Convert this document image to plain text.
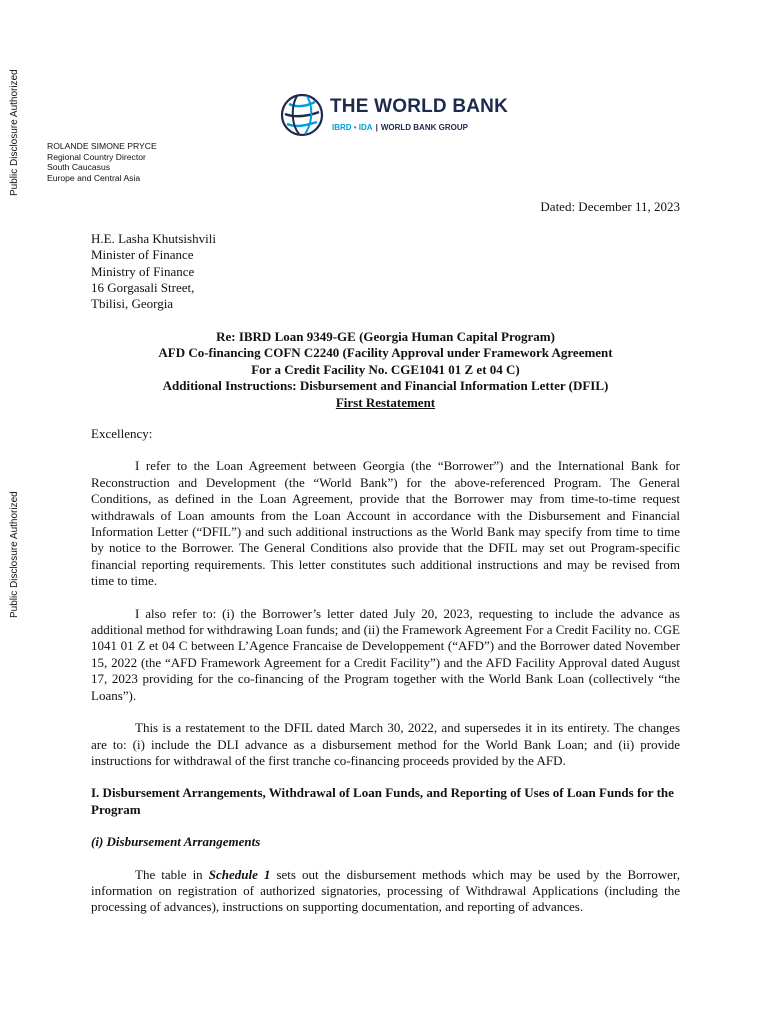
Public Disclosure Authorized
Public Disclosure Authorized
THE WORLD BANK
IBRD • IDA | WORLD BANK GROUP
ROLANDE SIMONE PRYCE
Regional Country Director
South Caucasus
Europe and Central Asia
Dated: December 11, 2023
H.E. Lasha Khutsishvili
Minister of Finance
Ministry of Finance
16 Gorgasali Street,
Tbilisi, Georgia
Re: IBRD Loan 9349-GE (Georgia Human Capital Program)
AFD Co-financing COFN C2240 (Facility Approval under Framework Agreement
For a Credit Facility No. CGE1041 01 Z et 04 C)
Additional Instructions: Disbursement and Financial Information Letter (DFIL)
First Restatement

Excellency:

I refer to the Loan Agreement between Georgia (the “Borrower”) and the International Bank for Reconstruction and Development (the “World Bank”) for the above-referenced Program. The General Conditions, as defined in the Loan Agreement, provide that the Borrower may from time-to-time request withdrawals of Loan amounts from the Loan Account in accordance with the Disbursement and Financial Information Letter (“DFIL”) and such additional instructions as the World Bank may specify from time to time by notice to the Borrower. The General Conditions also provide that the DFIL may set out Program-specific financial reporting requirements. This letter constitutes such additional instructions and may be revised from time to time.

I also refer to: (i) the Borrower’s letter dated July 20, 2023, requesting to include the advance as additional method for withdrawing Loan funds; and (ii) the Framework Agreement For a Credit Facility no. CGE 1041 01 Z et 04 C between L’Agence Francaise de Developpement (“AFD”) and the Borrower dated November 15, 2022 (the “AFD Framework Agreement for a Credit Facility”) and the AFD Facility Approval dated August 17, 2023 providing for the co-financing of the Program together with the World Bank Loan (collectively “the Loans”).

This is a restatement to the DFIL dated March 30, 2022, and supersedes it in its entirety. The changes are to: (i) include the DLI advance as a disbursement method for the World Bank Loan; and (ii) provide instructions for withdrawal of the first tranche co-financing proceeds provided by the AFD.

I. Disbursement Arrangements, Withdrawal of Loan Funds, and Reporting of Uses of Loan Funds for the Program

(i) Disbursement Arrangements

The table in Schedule 1 sets out the disbursement methods which may be used by the Borrower, information on registration of authorized signatories, processing of Withdrawal Applications (including the processing of advances), instructions on supporting documentation, and reporting of advances.
